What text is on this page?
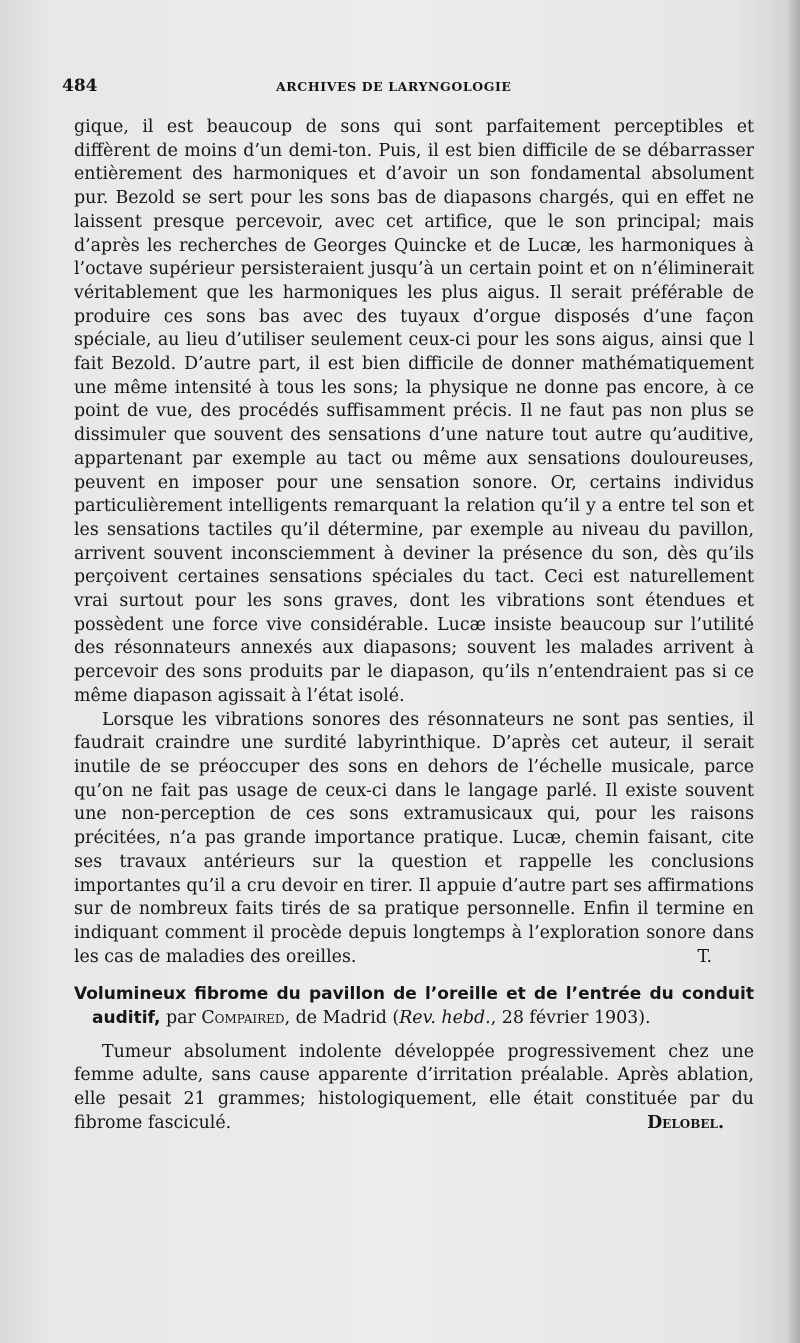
484	ARCHIVES DE LARYNGOLOGIE

gique, il est beaucoup de sons qui sont parfaitement perceptibles et diffèrent de moins d’un demi-ton. Puis, il est bien difficile de se débarrasser entièrement des harmoniques et d’avoir un son fondamental absolument pur. Bezold se sert pour les sons bas de diapasons chargés, qui en effet ne laissent presque percevoir, avec cet artifice, que le son principal; mais d’après les recherches de Georges Quincke et de Lucæ, les harmoniques à l’octave supérieur persisteraient jusqu’à un certain point et on n’éliminerait véritablement que les harmoniques les plus aigus. Il serait préférable de produire ces sons bas avec des tuyaux d’orgue disposés d’une façon spéciale, au lieu d’utiliser seulement ceux-ci pour les sons aigus, ainsi que l fait Bezold. D’autre part, il est bien difficile de donner mathématiquement une même intensité à tous les sons; la physique ne donne pas encore, à ce point de vue, des procédés suffisamment précis. Il ne faut pas non plus se dissimuler que souvent des sensations d’une nature tout autre qu’auditive, appartenant par exemple au tact ou même aux sensations douloureuses, peuvent en imposer pour une sensation sonore. Or, certains individus particulièrement intelligents remarquant la relation qu’il y a entre tel son et les sensations tactiles qu’il détermine, par exemple au niveau du pavillon, arrivent souvent inconsciemment à deviner la présence du son, dès qu’ils perçoivent certaines sensations spéciales du tact. Ceci est naturellement vrai surtout pour les sons graves, dont les vibrations sont étendues et possèdent une force vive considérable. Lucæ insiste beaucoup sur l’utilité des résonnateurs annexés aux diapasons; souvent les malades arrivent à percevoir des sons produits par le diapason, qu’ils n’entendraient pas si ce même diapason agissait à l’état isolé.

Lorsque les vibrations sonores des résonnateurs ne sont pas senties, il faudrait craindre une surdité labyrinthique. D’après cet auteur, il serait inutile de se préoccuper des sons en dehors de l’échelle musicale, parce qu’on ne fait pas usage de ceux-ci dans le langage parlé. Il existe souvent une non-perception de ces sons extramusicaux qui, pour les raisons précitées, n’a pas grande importance pratique. Lucæ, chemin faisant, cite ses travaux antérieurs sur la question et rappelle les conclusions importantes qu’il a cru devoir en tirer. Il appuie d’autre part ses affirmations sur de nombreux faits tirés de sa pratique personnelle. Enfin il termine en indiquant comment il procède depuis longtemps à l’exploration sonore dans les cas de maladies des oreilles.	T.

Volumineux fibrome du pavillon de l’oreille et de l’entrée du conduit auditif, par Compaired, de Madrid (Rev. hebd., 28 février 1903).

Tumeur absolument indolente développée progressivement chez une femme adulte, sans cause apparente d’irritation préalable. Après ablation, elle pesait 21 grammes; histologiquement, elle était constituée par du fibrome fasciculé.	Delobel.
